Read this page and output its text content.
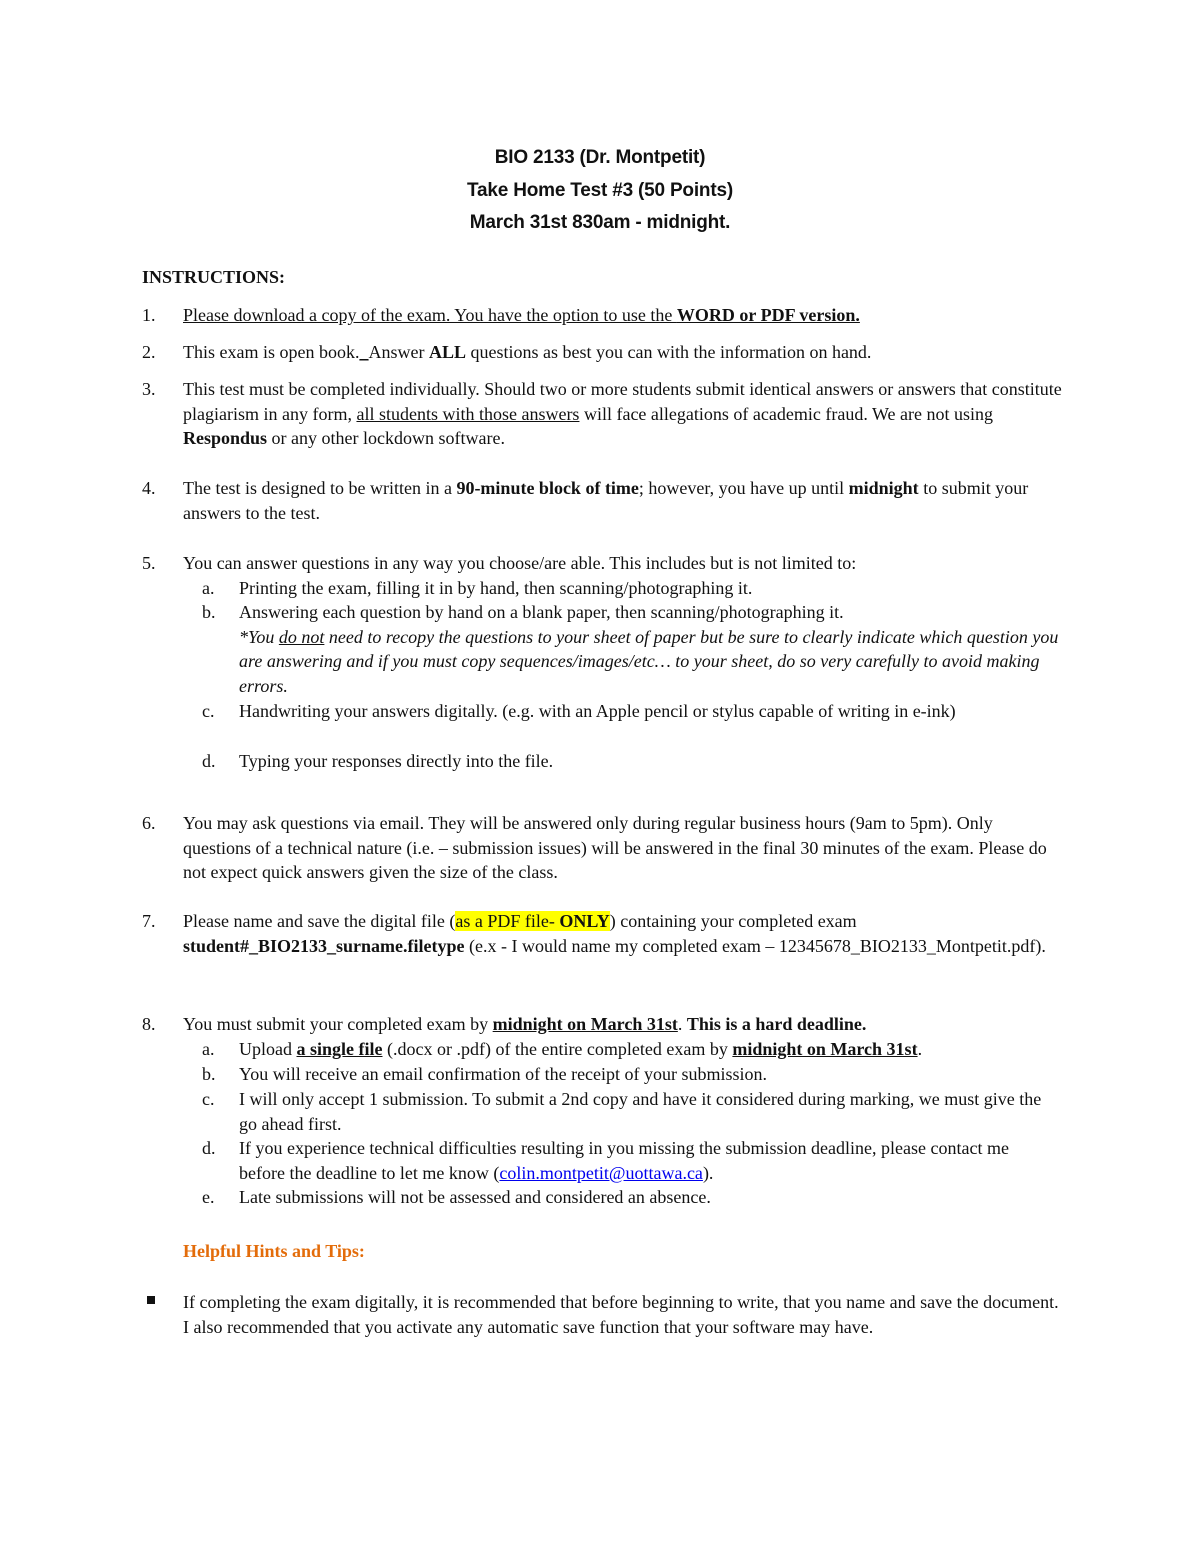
BIO 2133 (Dr. Montpetit)
Take Home Test #3 (50 Points)
March 31st 830am - midnight.
INSTRUCTIONS:
1.	Please download a copy of the exam. You have the option to use the WORD or PDF version.
2.	This exam is open book._Answer ALL questions as best you can with the information on hand.
3.	This test must be completed individually. Should two or more students submit identical answers or answers that constitute plagiarism in any form, all students with those answers will face allegations of academic fraud. We are not using Respondus or any other lockdown software.
4.	The test is designed to be written in a 90-minute block of time; however, you have up until midnight to submit your answers to the test.
5.	You can answer questions in any way you choose/are able. This includes but is not limited to:
a.	Printing the exam, filling it in by hand, then scanning/photographing it.
b.	Answering each question by hand on a blank paper, then scanning/photographing it.
*You do not need to recopy the questions to your sheet of paper but be sure to clearly indicate which question you are answering and if you must copy sequences/images/etc… to your sheet, do so very carefully to avoid making errors.
c.	Handwriting your answers digitally. (e.g. with an Apple pencil or stylus capable of writing in e-ink)
d.	Typing your responses directly into the file.
6.	You may ask questions via email. They will be answered only during regular business hours (9am to 5pm). Only questions of a technical nature (i.e. – submission issues) will be answered in the final 30 minutes of the exam. Please do not expect quick answers given the size of the class.
7.	Please name and save the digital file (as a PDF file- ONLY) containing your completed exam student#_BIO2133_surname.filetype (e.x - I would name my completed exam – 12345678_BIO2133_Montpetit.pdf).
8.	You must submit your completed exam by midnight on March 31st. This is a hard deadline.
a.	Upload a single file (.docx or .pdf) of the entire completed exam by midnight on March 31st.
b.	You will receive an email confirmation of the receipt of your submission.
c.	I will only accept 1 submission. To submit a 2nd copy and have it considered during marking, we must give the go ahead first.
d.	If you experience technical difficulties resulting in you missing the submission deadline, please contact me before the deadline to let me know (colin.montpetit@uottawa.ca).
e.	Late submissions will not be assessed and considered an absence.
Helpful Hints and Tips:
If completing the exam digitally, it is recommended that before beginning to write, that you name and save the document. I also recommended that you activate any automatic save function that your software may have.
